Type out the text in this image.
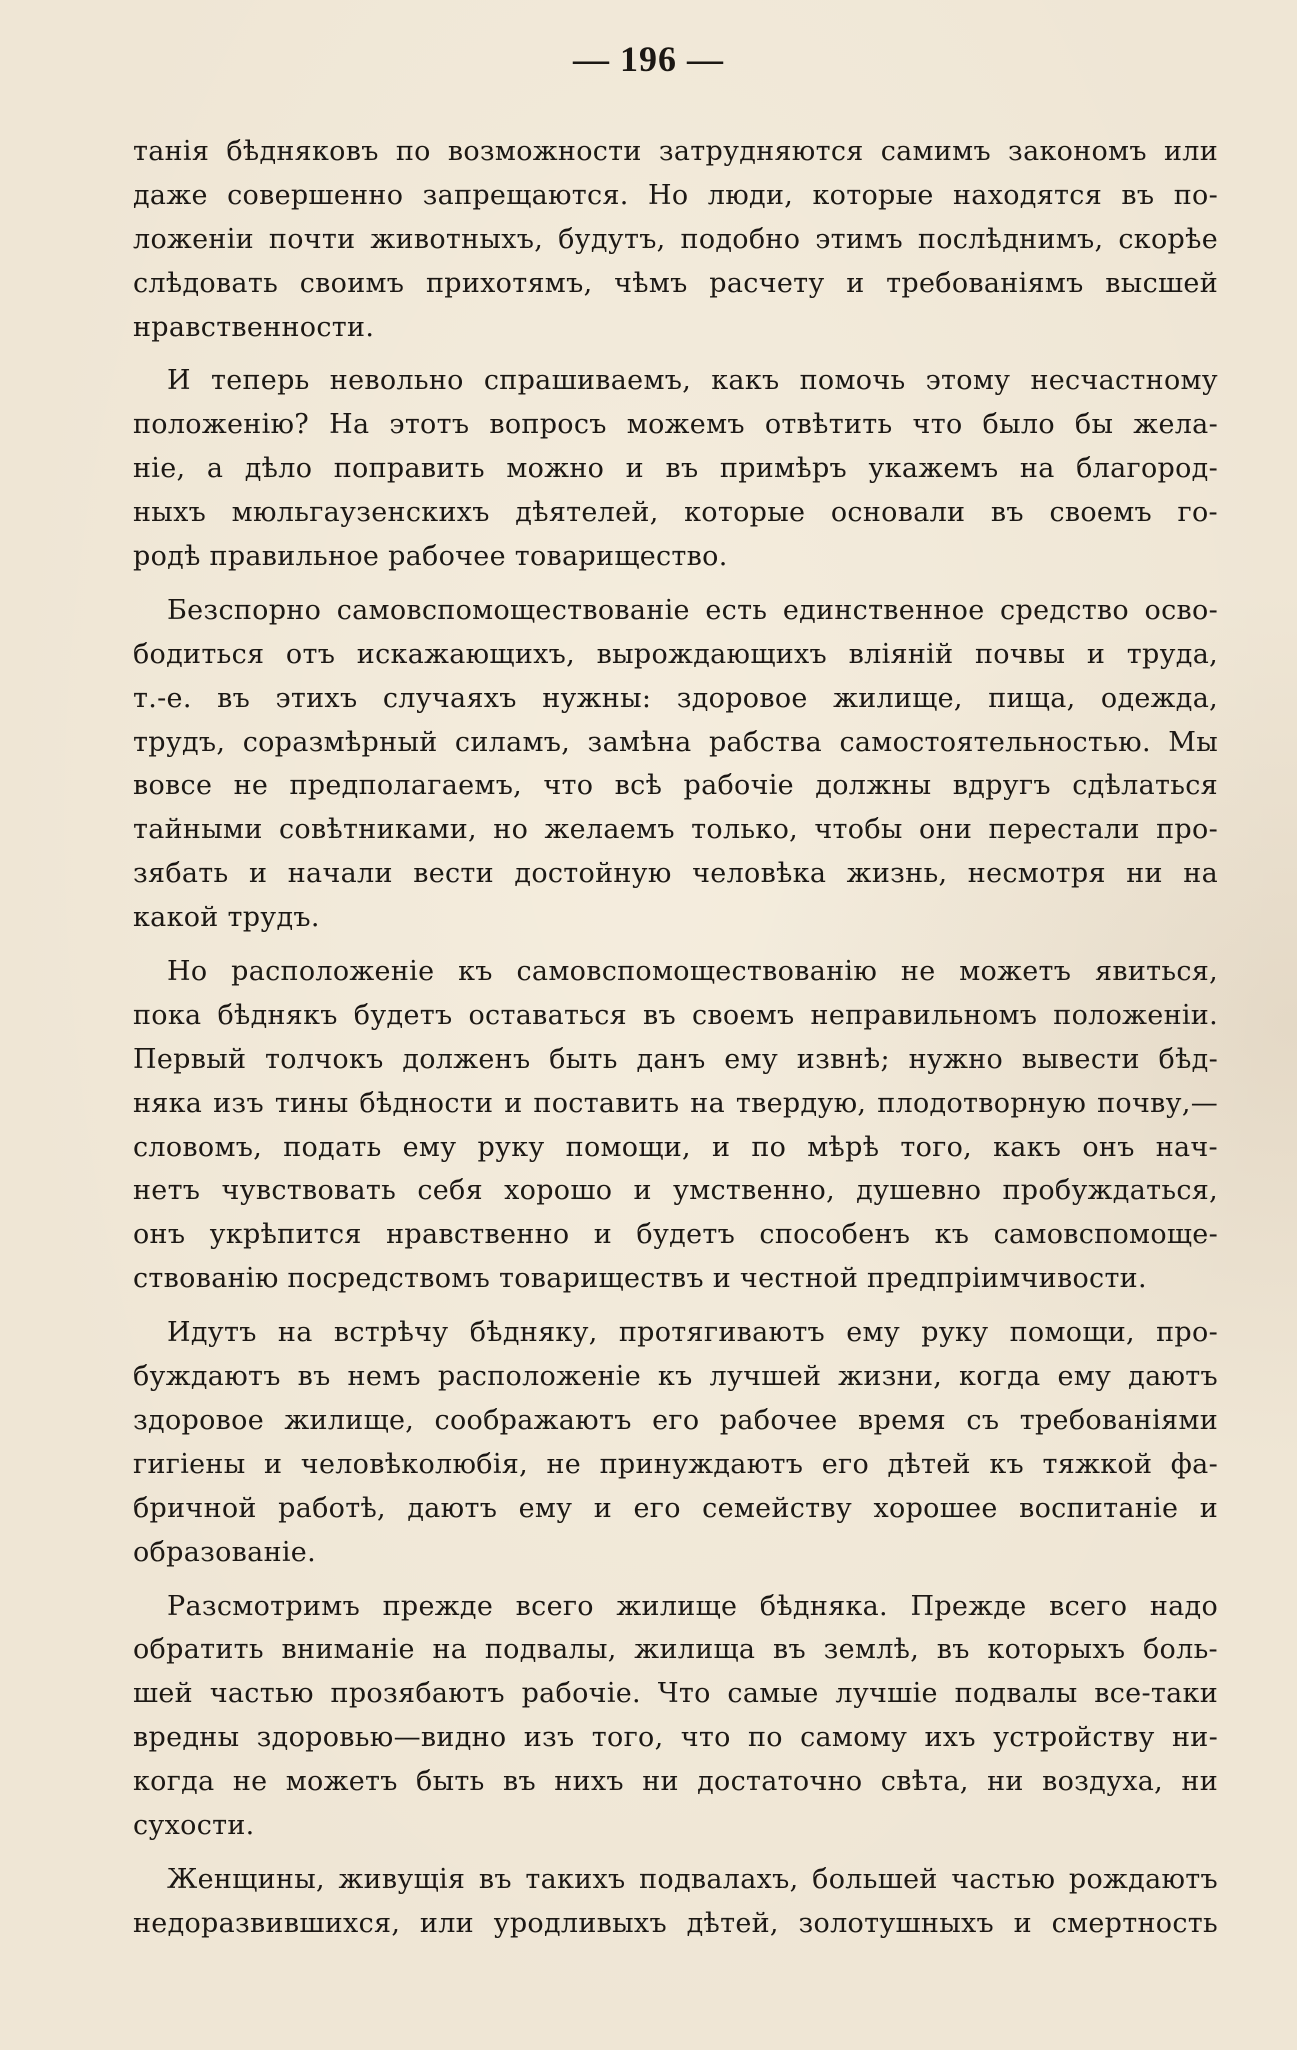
— 196 —
танія бѣдняковъ по возможности затрудняются самимъ закономъ или
даже совершенно запрещаются. Но люди, которые находятся въ по-
ложеніи почти животныхъ, будутъ, подобно этимъ послѣднимъ, скорѣе
слѣдовать своимъ прихотямъ, чѣмъ расчету и требованіямъ высшей
нравственности.
И теперь невольно спрашиваемъ, какъ помочь этому несчастному
положенію? На этотъ вопросъ можемъ отвѣтить что было бы жела-
ніе, а дѣло поправить можно и въ примѣръ укажемъ на благород-
ныхъ мюльгаузенскихъ дѣятелей, которые основали въ своемъ го-
родѣ правильное рабочее товарищество.
Безспорно самовспомоществованіе есть единственное средство осво-
бодиться отъ искажающихъ, вырождающихъ вліяній почвы и труда,
т.-е. въ этихъ случаяхъ нужны: здоровое жилище, пища, одежда,
трудъ, соразмѣрный силамъ, замѣна рабства самостоятельностью. Мы
вовсе не предполагаемъ, что всѣ рабочіе должны вдругъ сдѣлаться
тайными совѣтниками, но желаемъ только, чтобы они перестали про-
зябать и начали вести достойную человѣка жизнь, несмотря ни на
какой трудъ.
Но расположеніе къ самовспомоществованію не можетъ явиться,
пока бѣднякъ будетъ оставаться въ своемъ неправильномъ положеніи.
Первый толчокъ долженъ быть данъ ему извнѣ; нужно вывести бѣд-
няка изъ тины бѣдности и поставить на твердую, плодотворную почву,—
словомъ, подать ему руку помощи, и по мѣрѣ того, какъ онъ нач-
нетъ чувствовать себя хорошо и умственно, душевно пробуждаться,
онъ укрѣпится нравственно и будетъ способенъ къ самовспомоще-
ствованію посредствомъ товариществъ и честной предпріимчивости.
Идутъ на встрѣчу бѣдняку, протягиваютъ ему руку помощи, про-
буждаютъ въ немъ расположеніе къ лучшей жизни, когда ему даютъ
здоровое жилище, соображаютъ его рабочее время съ требованіями
гигіены и человѣколюбія, не принуждаютъ его дѣтей къ тяжкой фа-
бричной работѣ, даютъ ему и его семейству хорошее воспитаніе и
образованіе.
Разсмотримъ прежде всего жилище бѣдняка. Прежде всего надо
обратить вниманіе на подвалы, жилища въ землѣ, въ которыхъ боль-
шей частью прозябаютъ рабочіе. Что самые лучшіе подвалы все-таки
вредны здоровью—видно изъ того, что по самому ихъ устройству ни-
когда не можетъ быть въ нихъ ни достаточно свѣта, ни воздуха, ни
сухости.
Женщины, живущія въ такихъ подвалахъ, большей частью рождаютъ
недоразвившихся, или уродливыхъ дѣтей, золотушныхъ и смертность
